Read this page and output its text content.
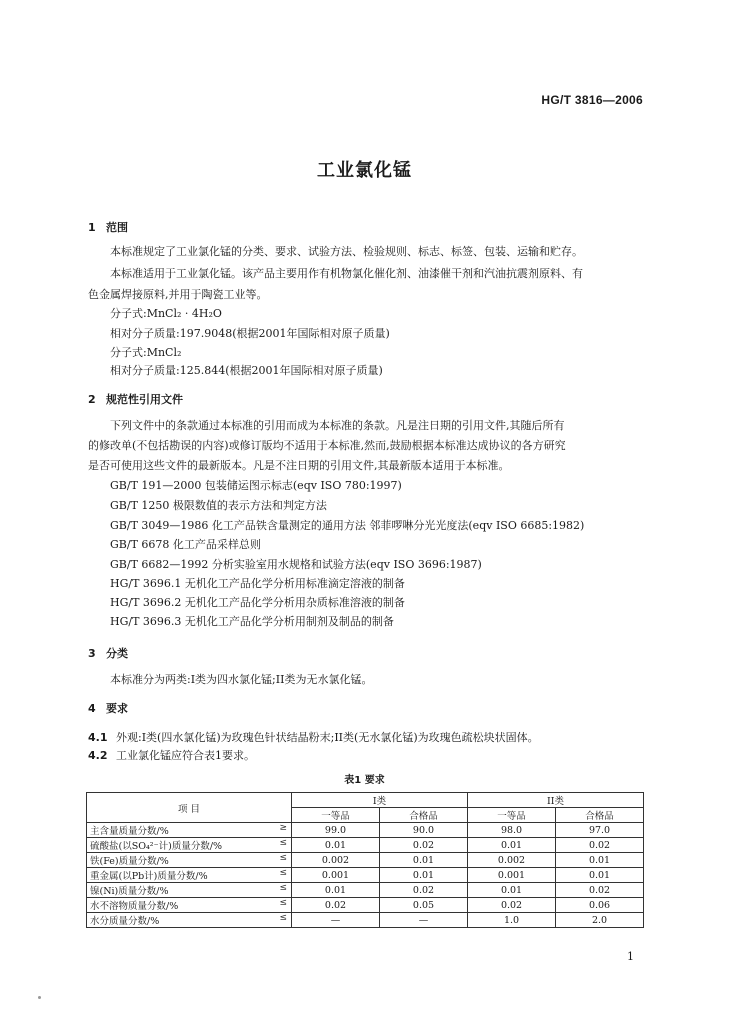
HG/T 3816—2006
工业氯化锰
1 范围
本标准规定了工业氯化锰的分类、要求、试验方法、检验规则、标志、标签、包装、运输和贮存。
本标准适用于工业氯化锰。该产品主要用作有机物氯化催化剂、油漆催干剂和汽油抗震剂原料、有
色金属焊接原料,并用于陶瓷工业等。
分子式:MnCl₂ · 4H₂O
相对分子质量:197.9048(根据2001年国际相对原子质量)
分子式:MnCl₂
相对分子质量:125.844(根据2001年国际相对原子质量)
2 规范性引用文件
下列文件中的条款通过本标准的引用而成为本标准的条款。凡是注日期的引用文件,其随后所有
的修改单(不包括勘误的内容)或修订版均不适用于本标准,然而,鼓励根据本标准达成协议的各方研究
是否可使用这些文件的最新版本。凡是不注日期的引用文件,其最新版本适用于本标准。
GB/T 191—2000 包装储运图示标志(eqv ISO 780:1997)
GB/T 1250 极限数值的表示方法和判定方法
GB/T 3049—1986 化工产品铁含量测定的通用方法 邻菲啰啉分光光度法(eqv ISO 6685:1982)
GB/T 6678 化工产品采样总则
GB/T 6682—1992 分析实验室用水规格和试验方法(eqv ISO 3696:1987)
HG/T 3696.1 无机化工产品化学分析用标准滴定溶液的制备
HG/T 3696.2 无机化工产品化学分析用杂质标准溶液的制备
HG/T 3696.3 无机化工产品化学分析用制剂及制品的制备
3 分类
本标准分为两类:I类为四水氯化锰;II类为无水氯化锰。
4 要求
4.1 外观:I类(四水氯化锰)为玫瑰色针状结晶粉末;II类(无水氯化锰)为玫瑰色疏松块状固体。
4.2 工业氯化锰应符合表1要求。
表1 要求
项 目	I类		II类	
	一等品	合格品	一等品	合格品
主含量质量分数/% ≥	99.0	90.0	98.0	97.0
硫酸盐(以SO₄²⁻计)质量分数/% ≤	0.01	0.02	0.01	0.02
铁(Fe)质量分数/% ≤	0.002	0.01	0.002	0.01
重金属(以Pb计)质量分数/% ≤	0.001	0.01	0.001	0.01
镍(Ni)质量分数/% ≤	0.01	0.02	0.01	0.02
水不溶物质量分数/% ≤	0.02	0.05	0.02	0.06
水分质量分数/% ≤	—	—	1.0	2.0
1
